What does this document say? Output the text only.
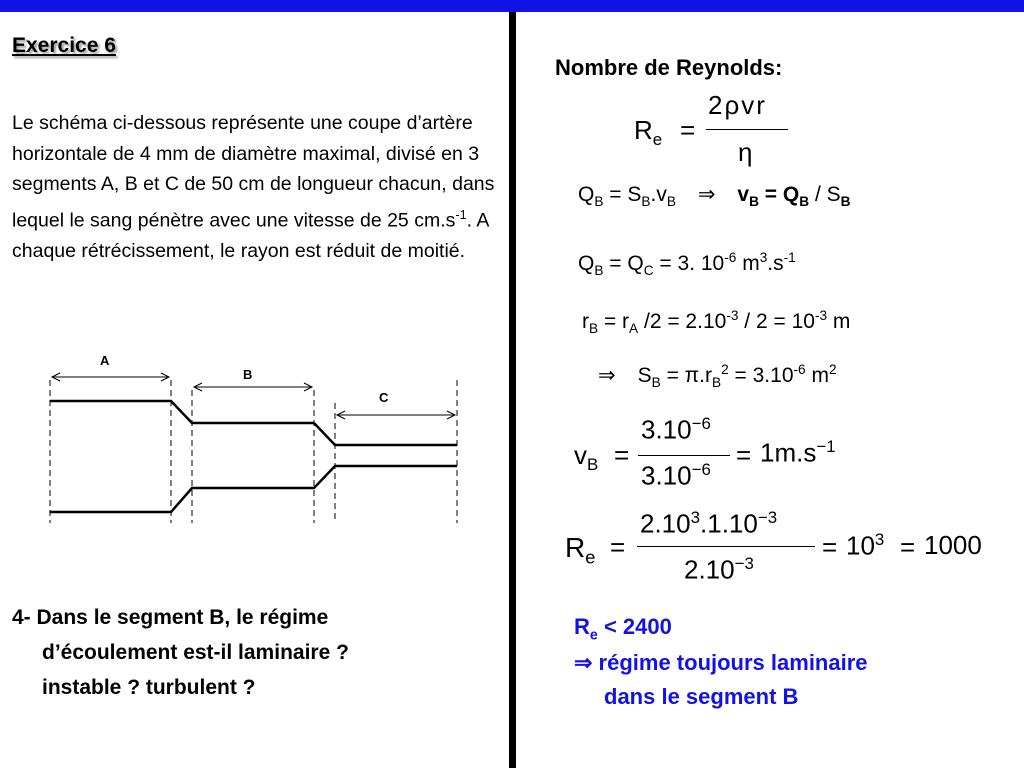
Exercice 6
Le schéma ci-dessous représente une coupe d’artère horizontale de 4 mm de diamètre maximal, divisé en 3 segments A, B et C de 50 cm de longueur chacun, dans lequel le sang pénètre avec une vitesse de 25 $cm.s^{-1}$. A chaque rétrécissement, le rayon est réduit de moitié.
A
B
C
4- Dans le segment B, le régime
d’écoulement est-il laminaire ?
instable ? turbulent ?
Nombre de Reynolds:
$R_e$ =
2ρvr
η
$Q_B = S_B.v_B$ ⇒ $v_B = Q_B / S_B$
$Q_B = Q_C = 3$. $10^{-6}$ $m^3.s^{-1}$
$r_B = r_A$ $/2 = 2.10^{-3} / 2 = 10^{-3}$ m
⇒ $S_B = \pi.r_B^2 = 3.10^{-6}$ $m^2$
$v_B$ =
$3.10^{-6}$
$3.10^{-6} = 1m.s^{-1}$
$R_e$ =
$2.10^3.1.10^{-3}$
$2.10^{-3}$
= $10^3 = 1000$
$R_e < 2400$
⇒ régime toujours laminaire
dans le segment B
